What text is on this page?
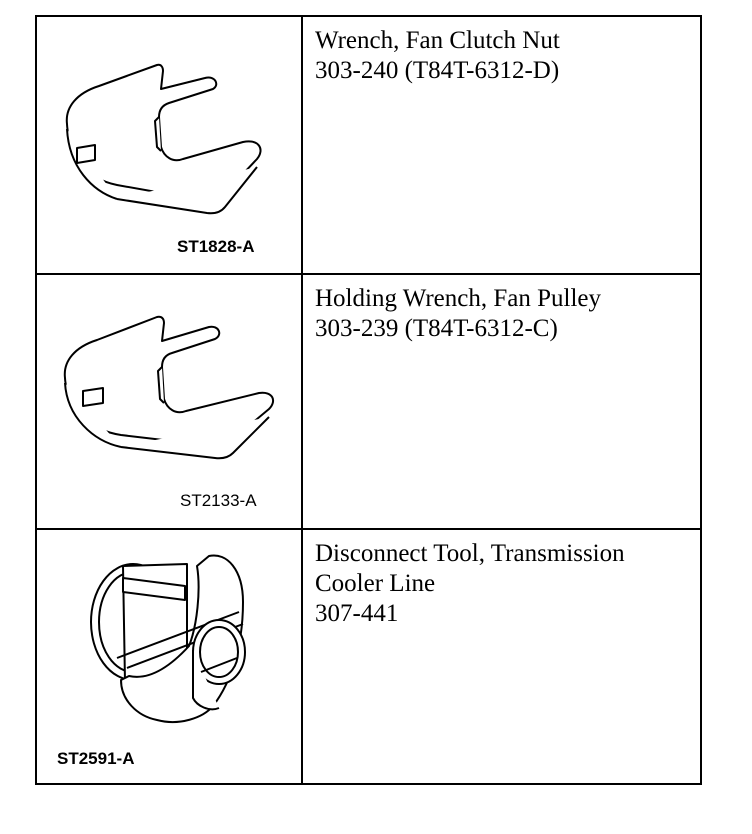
ST1828-A
Wrench, Fan Clutch Nut
303-240 (T84T-6312-D)
ST2133-A
Holding Wrench, Fan Pulley
303-239 (T84T-6312-C)
ST2591-A
Disconnect Tool, Transmission
Cooler Line
307-441
